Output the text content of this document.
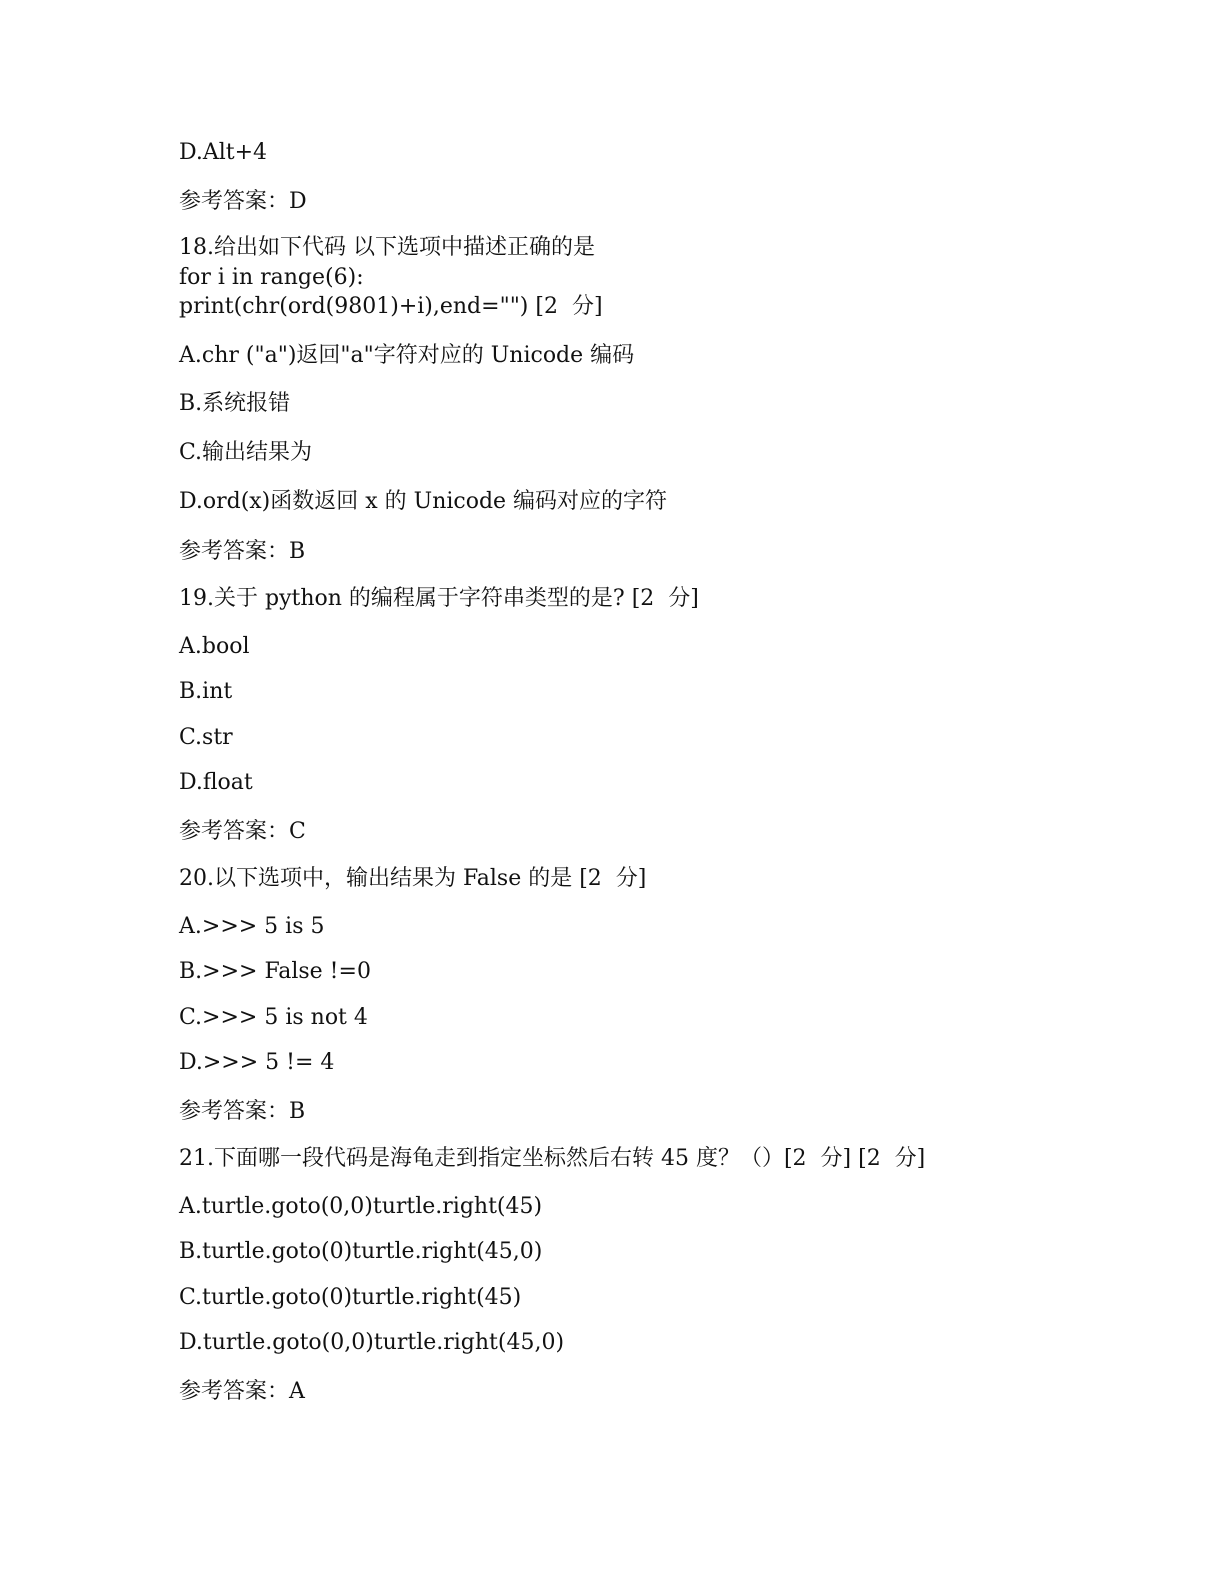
D.Alt+4

参考答案：D

18.给出如下代码 以下选项中描述正确的是

for i in range(6):

print(chr(ord(9801)+i),end="") [2  分]

A.chr ("a")返回"a"字符对应的 Unicode 编码

B.系统报错

C.输出结果为

D.ord(x)函数返回 x 的 Unicode 编码对应的字符

参考答案：B

19.关于 python 的编程属于字符串类型的是? [2  分]

A.bool

B.int

C.str

D.float

参考答案：C

20.以下选项中，输出结果为 False 的是 [2  分]

A.>>> 5 is 5

B.>>> False !=0

C.>>> 5 is not 4

D.>>> 5 != 4

参考答案：B

21.下面哪一段代码是海龟走到指定坐标然后右转 45 度？（）[2  分] [2  分]

A.turtle.goto(0,0)turtle.right(45)

B.turtle.goto(0)turtle.right(45,0)

C.turtle.goto(0)turtle.right(45)

D.turtle.goto(0,0)turtle.right(45,0)

参考答案：A
